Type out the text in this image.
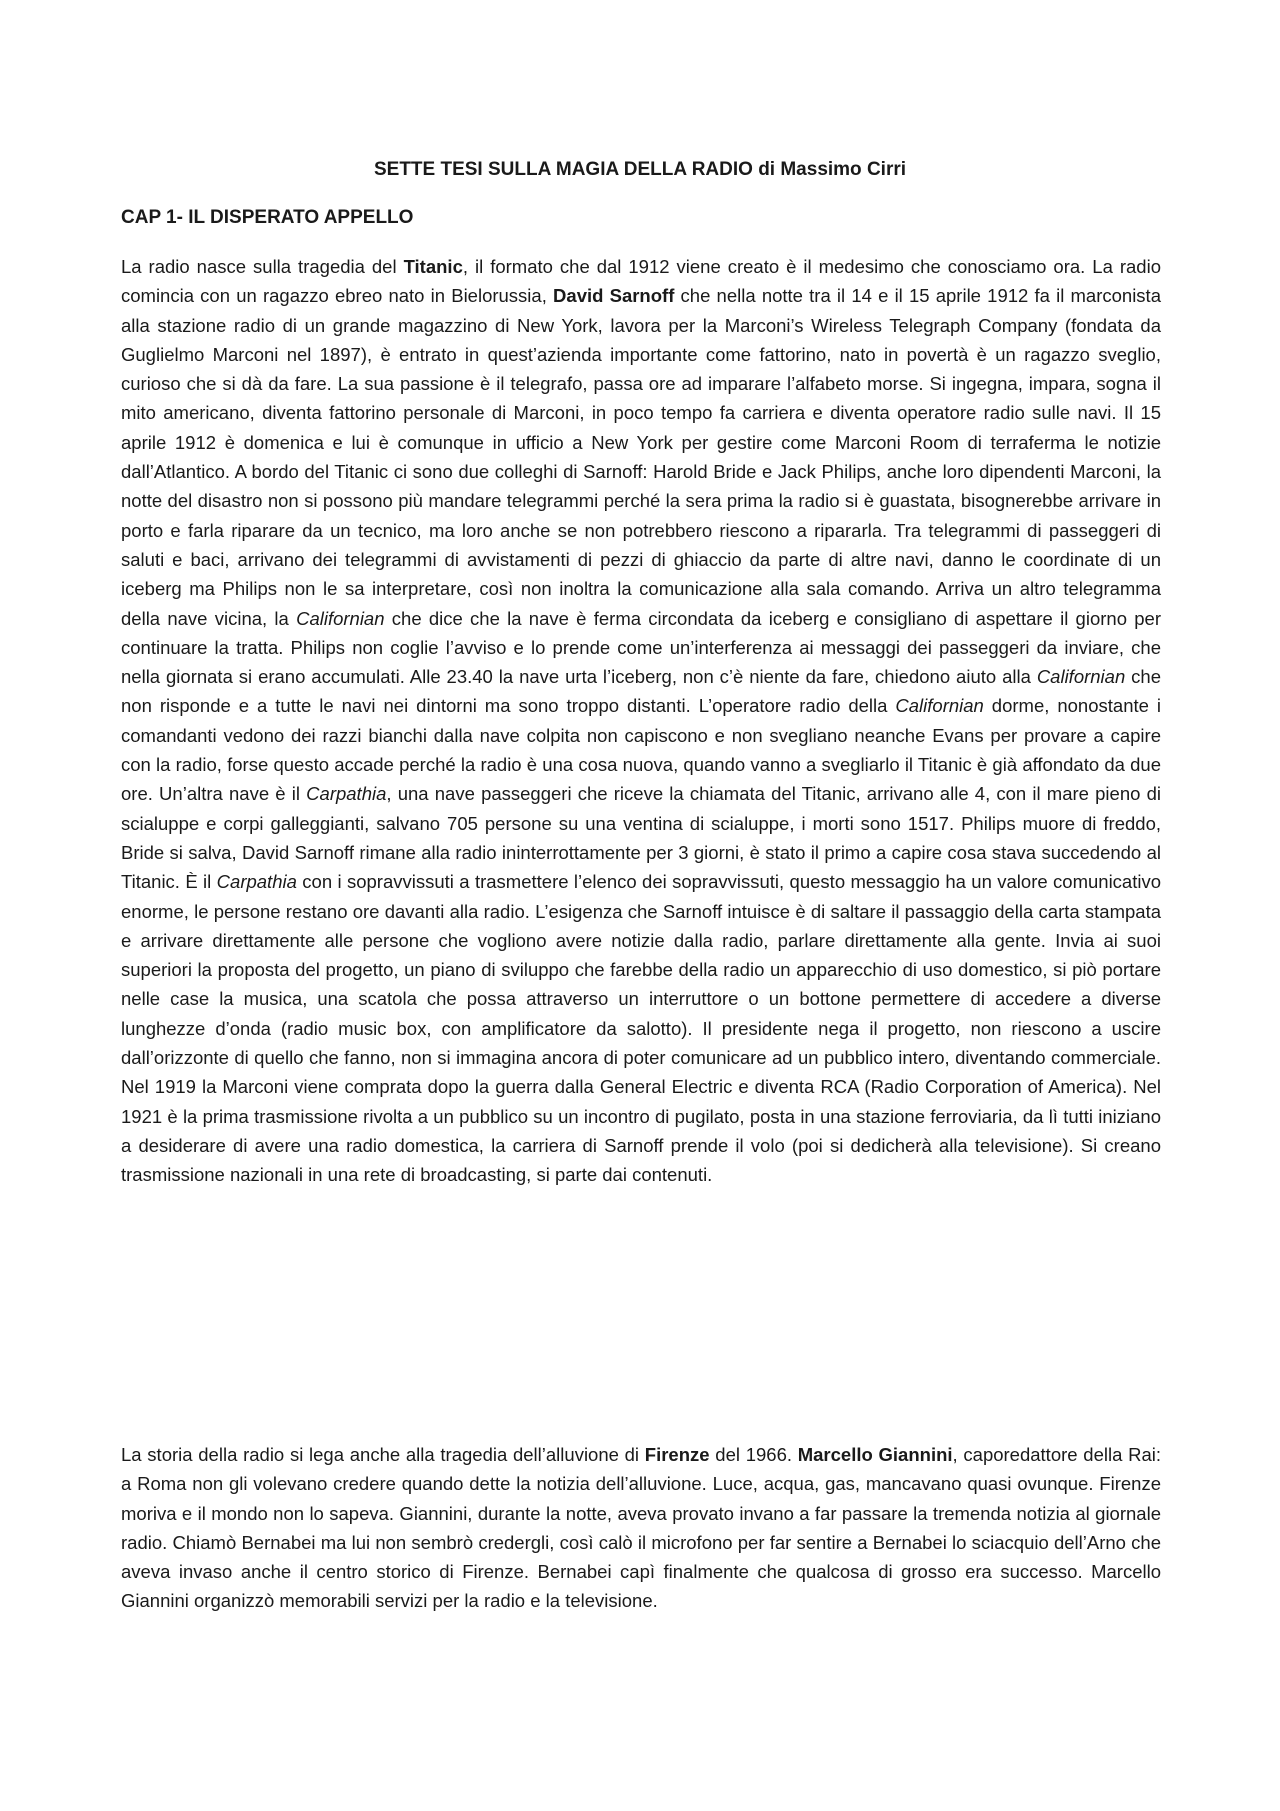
SETTE TESI SULLA MAGIA DELLA RADIO di Massimo Cirri
CAP 1- IL DISPERATO APPELLO

La radio nasce sulla tragedia del Titanic, il formato che dal 1912 viene creato è il medesimo che conosciamo ora. La radio comincia con un ragazzo ebreo nato in Bielorussia, David Sarnoff che nella notte tra il 14 e il 15 aprile 1912 fa il marconista alla stazione radio di un grande magazzino di New York, lavora per la Marconi’s Wireless Telegraph Company (fondata da Guglielmo Marconi nel 1897), è entrato in quest’azienda importante come fattorino, nato in povertà è un ragazzo sveglio, curioso che si dà da fare. La sua passione è il telegrafo, passa ore ad imparare l’alfabeto morse. Si ingegna, impara, sogna il mito americano, diventa fattorino personale di Marconi, in poco tempo fa carriera e diventa operatore radio sulle navi. Il 15 aprile 1912 è domenica e lui è comunque in ufficio a New York per gestire come Marconi Room di terraferma le notizie dall’Atlantico. A bordo del Titanic ci sono due colleghi di Sarnoff: Harold Bride e Jack Philips, anche loro dipendenti Marconi, la notte del disastro non si possono più mandare telegrammi perché la sera prima la radio si è guastata, bisognerebbe arrivare in porto e farla riparare da un tecnico, ma loro anche se non potrebbero riescono a ripararla. Tra telegrammi di passeggeri di saluti e baci, arrivano dei telegrammi di avvistamenti di pezzi di ghiaccio da parte di altre navi, danno le coordinate di un iceberg ma Philips non le sa interpretare, così non inoltra la comunicazione alla sala comando. Arriva un altro telegramma della nave vicina, la Californian che dice che la nave è ferma circondata da iceberg e consigliano di aspettare il giorno per continuare la tratta. Philips non coglie l’avviso e lo prende come un’interferenza ai messaggi dei passeggeri da inviare, che nella giornata si erano accumulati. Alle 23.40 la nave urta l’iceberg, non c’è niente da fare, chiedono aiuto alla Californian che non risponde e a tutte le navi nei dintorni ma sono troppo distanti. L’operatore radio della Californian dorme, nonostante i comandanti vedono dei razzi bianchi dalla nave colpita non capiscono e non svegliano neanche Evans per provare a capire con la radio, forse questo accade perché la radio è una cosa nuova, quando vanno a svegliarlo il Titanic è già affondato da due ore. Un’altra nave è il Carpathia, una nave passeggeri che riceve la chiamata del Titanic, arrivano alle 4, con il mare pieno di scialuppe e corpi galleggianti, salvano 705 persone su una ventina di scialuppe, i morti sono 1517. Philips muore di freddo, Bride si salva, David Sarnoff rimane alla radio ininterrottamente per 3 giorni, è stato il primo a capire cosa stava succedendo al Titanic. È il Carpathia con i sopravvissuti a trasmettere l’elenco dei sopravvissuti, questo messaggio ha un valore comunicativo enorme, le persone restano ore davanti alla radio. L’esigenza che Sarnoff intuisce è di saltare il passaggio della carta stampata e arrivare direttamente alle persone che vogliono avere notizie dalla radio, parlare direttamente alla gente. Invia ai suoi superiori la proposta del progetto, un piano di sviluppo che farebbe della radio un apparecchio di uso domestico, si piò portare nelle case la musica, una scatola che possa attraverso un interruttore o un bottone permettere di accedere a diverse lunghezze d’onda (radio music box, con amplificatore da salotto). Il presidente nega il progetto, non riescono a uscire dall’orizzonte di quello che fanno, non si immagina ancora di poter comunicare ad un pubblico intero, diventando commerciale. Nel 1919 la Marconi viene comprata dopo la guerra dalla General Electric e diventa RCA (Radio Corporation of America). Nel 1921 è la prima trasmissione rivolta a un pubblico su un incontro di pugilato, posta in una stazione ferroviaria, da lì tutti iniziano a desiderare di avere una radio domestica, la carriera di Sarnoff prende il volo (poi si dedicherà alla televisione). Si creano trasmissione nazionali in una rete di broadcasting, si parte dai contenuti.

La storia della radio si lega anche alla tragedia dell’alluvione di Firenze del 1966. Marcello Giannini, caporedattore della Rai: a Roma non gli volevano credere quando dette la notizia dell’alluvione. Luce, acqua, gas, mancavano quasi ovunque. Firenze moriva e il mondo non lo sapeva. Giannini, durante la notte, aveva provato invano a far passare la tremenda notizia al giornale radio. Chiamò Bernabei ma lui non sembrò credergli, così calò il microfono per far sentire a Bernabei lo sciacquio dell’Arno che aveva invaso anche il centro storico di Firenze. Bernabei capì finalmente che qualcosa di grosso era successo. Marcello Giannini organizzò memorabili servizi per la radio e la televisione.
